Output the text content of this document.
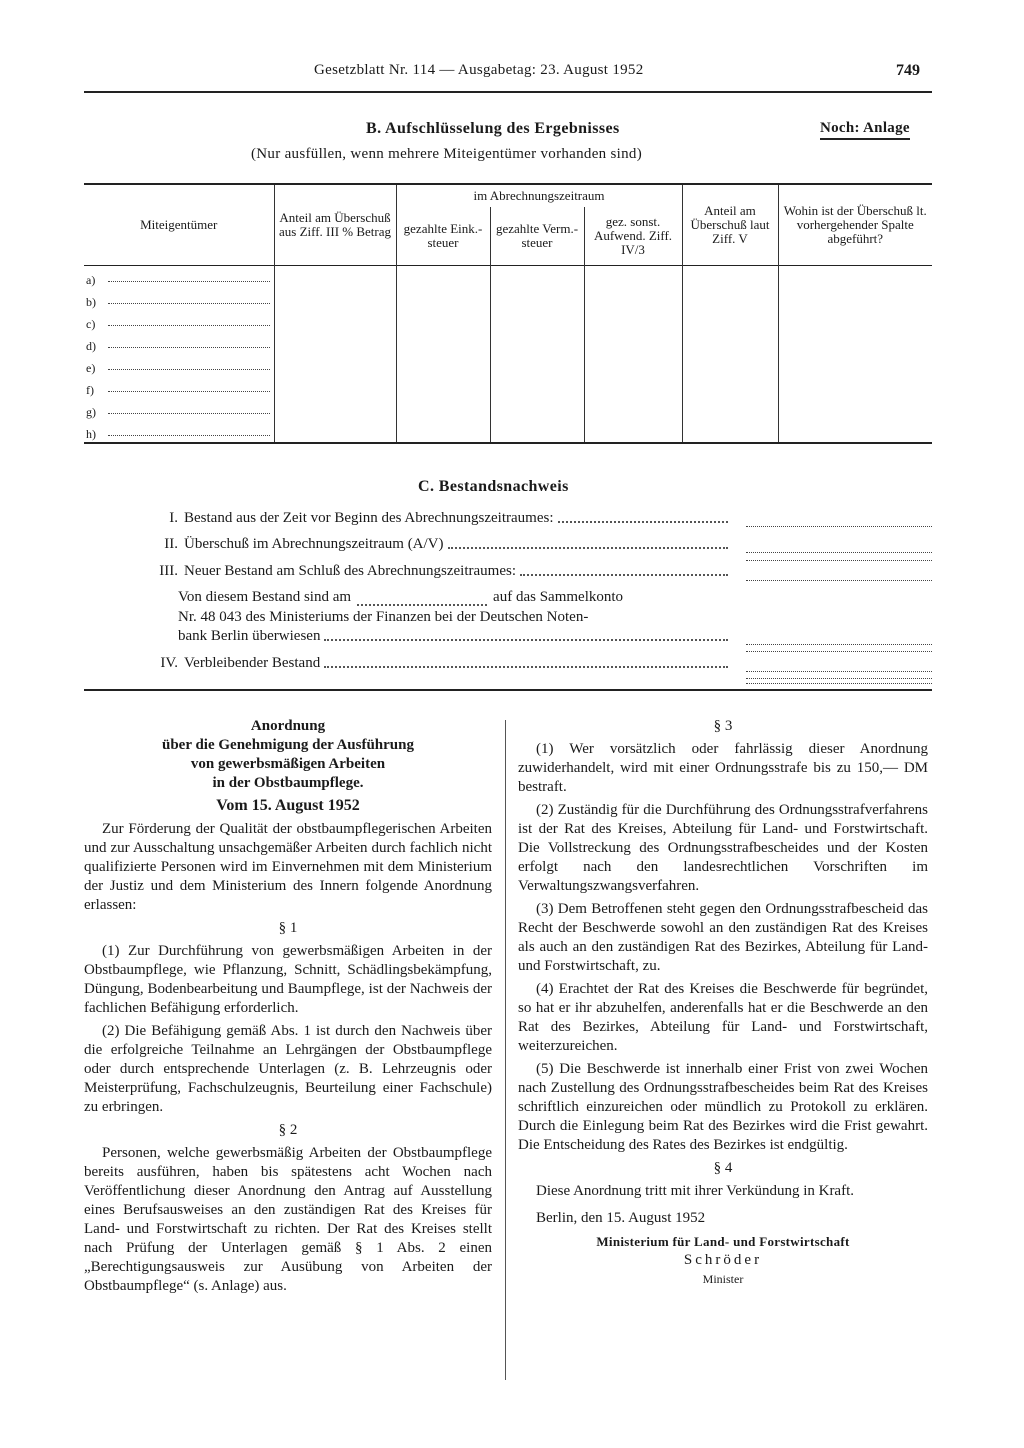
Gesetzblatt Nr. 114 — Ausgabetag: 23. August 1952	749
B. Aufschlüsselung des Ergebnisses
(Nur ausfüllen, wenn mehrere Miteigentümer vorhanden sind)
Noch: Anlage
Miteigentümer	Anteil am Überschuß aus Ziff. III % Betrag	im Abrechnungszeitraum			Anteil am Überschuß laut Ziff. V	Wohin ist der Überschuß lt. vorhergehender Spalte abgeführt?
		gezahlte Eink.-steuer	gezahlte Verm.-steuer	gez. sonst. Aufwend. Ziff. IV/3		

a)						

b)						

c)						

d)						

e)						

f)						

g)						

h)						

C. Bestandsnachweis
I. Bestand aus der Zeit vor Beginn des Abrechnungszeitraumes:
II. Überschuß im Abrechnungszeitraum (A/V)
III. Neuer Bestand am Schluß des Abrechnungszeitraumes:
Von diesem Bestand sind am	auf das Sammelkonto
Nr. 48 043 des Ministeriums der Finanzen bei der Deutschen Noten-
bank Berlin überwiesen
IV. Verbleibender Bestand
Anordnung
über die Genehmigung der Ausführung
von gewerbsmäßigen Arbeiten
in der Obstbaumpflege.
Vom 15. August 1952

Zur Förderung der Qualität der obstbaumpflegerischen Arbeiten und zur Ausschaltung unsachgemäßer Arbeiten durch fachlich nicht qualifizierte Personen wird im Einvernehmen mit dem Ministerium der Justiz und dem Ministerium des Innern folgende Anordnung erlassen:

§ 1

(1) Zur Durchführung von gewerbsmäßigen Arbeiten in der Obstbaumpflege, wie Pflanzung, Schnitt, Schädlingsbekämpfung, Düngung, Bodenbearbeitung und Baumpflege, ist der Nachweis der fachlichen Befähigung erforderlich.

(2) Die Befähigung gemäß Abs. 1 ist durch den Nachweis über die erfolgreiche Teilnahme an Lehrgängen der Obstbaumpflege oder durch entsprechende Unterlagen (z. B. Lehrzeugnis oder Meisterprüfung, Fachschulzeugnis, Beurteilung einer Fachschule) zu erbringen.

§ 2

Personen, welche gewerbsmäßig Arbeiten der Obstbaumpflege bereits ausführen, haben bis spätestens acht Wochen nach Veröffentlichung dieser Anordnung den Antrag auf Ausstellung eines Berufsausweises an den zuständigen Rat des Kreises für Land- und Forstwirtschaft zu richten. Der Rat des Kreises stellt nach Prüfung der Unterlagen gemäß § 1 Abs. 2 einen „Berechtigungsausweis zur Ausübung von Arbeiten der Obstbaumpflege“ (s. Anlage) aus.

§ 3

(1) Wer vorsätzlich oder fahrlässig dieser Anordnung zuwiderhandelt, wird mit einer Ordnungsstrafe bis zu 150,— DM bestraft.

(2) Zuständig für die Durchführung des Ordnungsstrafverfahrens ist der Rat des Kreises, Abteilung für Land- und Forstwirtschaft. Die Vollstreckung des Ordnungsstrafbescheides und der Kosten erfolgt nach den landesrechtlichen Vorschriften im Verwaltungszwangsverfahren.

(3) Dem Betroffenen steht gegen den Ordnungsstrafbescheid das Recht der Beschwerde sowohl an den zuständigen Rat des Kreises als auch an den zuständigen Rat des Bezirkes, Abteilung für Land- und Forstwirtschaft, zu.

(4) Erachtet der Rat des Kreises die Beschwerde für begründet, so hat er ihr abzuhelfen, anderenfalls hat er die Beschwerde an den Rat des Bezirkes, Abteilung für Land- und Forstwirtschaft, weiterzureichen.

(5) Die Beschwerde ist innerhalb einer Frist von zwei Wochen nach Zustellung des Ordnungsstrafbescheides beim Rat des Kreises schriftlich einzureichen oder mündlich zu Protokoll zu erklären. Durch die Einlegung beim Rat des Bezirkes wird die Frist gewahrt. Die Entscheidung des Rates des Bezirkes ist endgültig.

§ 4

Diese Anordnung tritt mit ihrer Verkündung in Kraft.

Berlin, den 15. August 1952

Ministerium für Land- und Forstwirtschaft
Schröder
Minister
